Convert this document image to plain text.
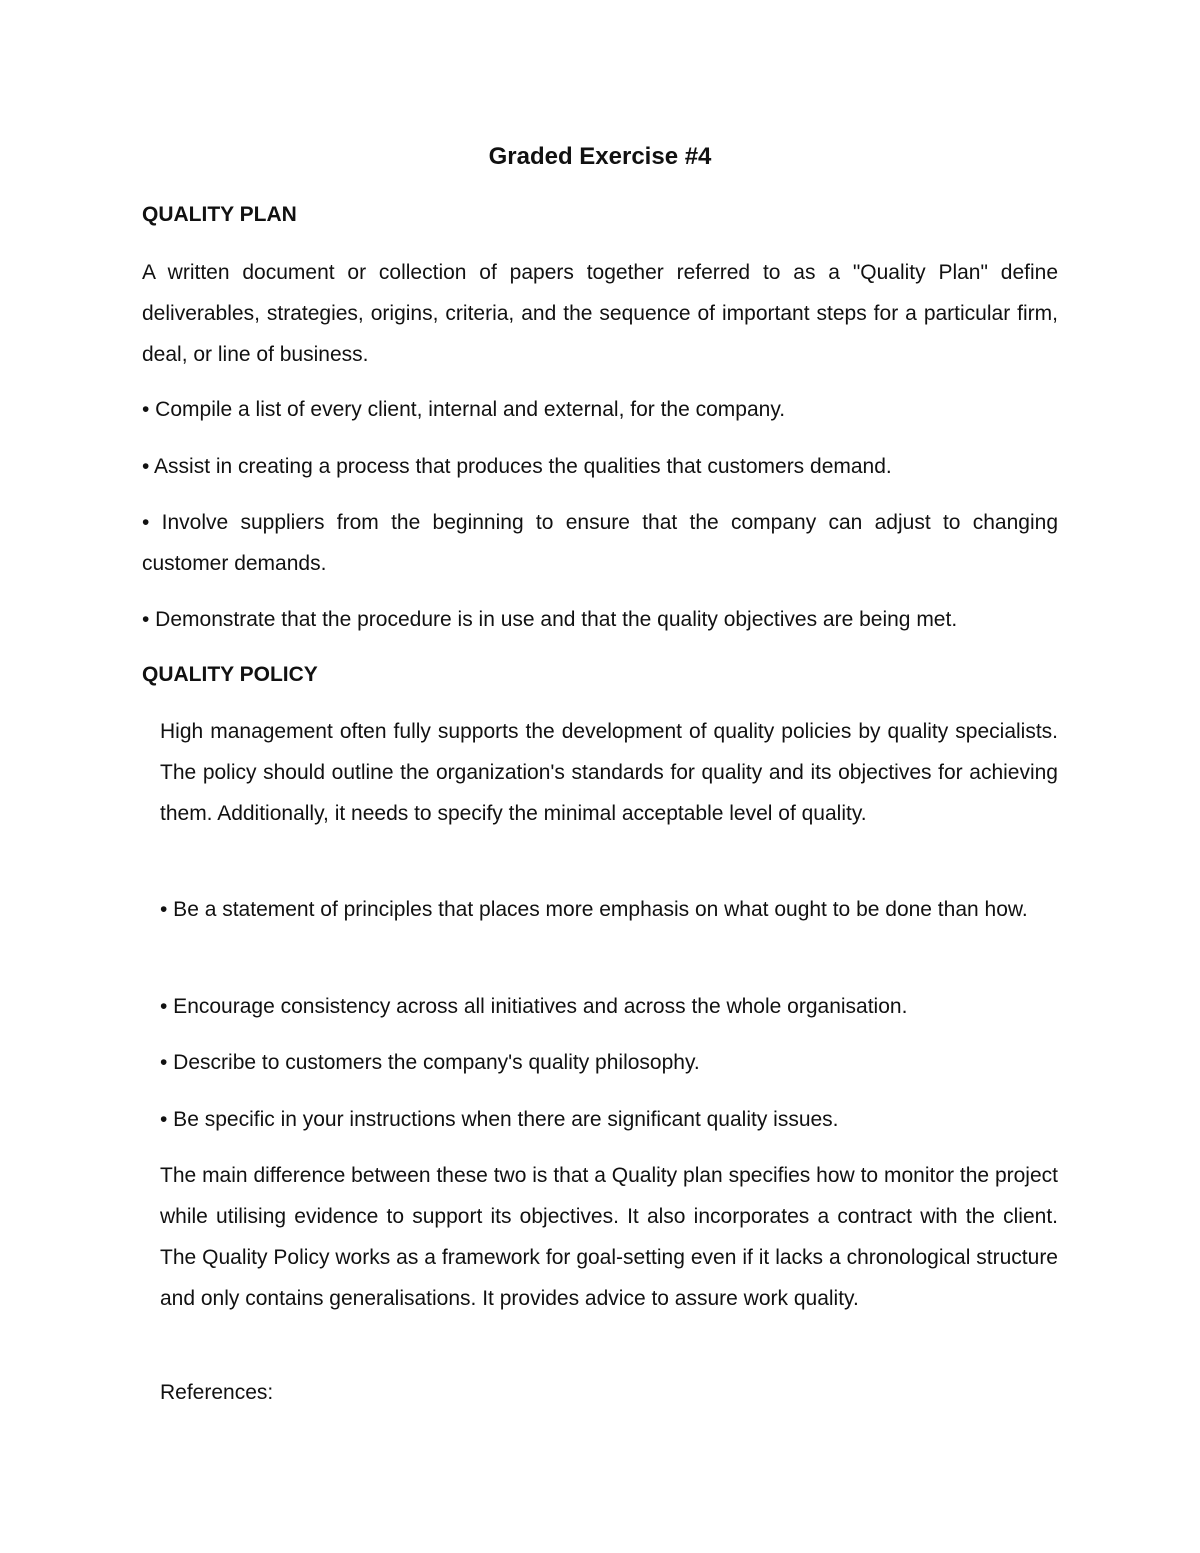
Graded Exercise #4
QUALITY PLAN
A written document or collection of papers together referred to as a "Quality Plan" define deliverables, strategies, origins, criteria, and the sequence of important steps for a particular firm, deal, or line of business.
• Compile a list of every client, internal and external, for the company.
• Assist in creating a process that produces the qualities that customers demand.
• Involve suppliers from the beginning to ensure that the company can adjust to changing customer demands.
• Demonstrate that the procedure is in use and that the quality objectives are being met.
QUALITY POLICY
High management often fully supports the development of quality policies by quality specialists. The policy should outline the organization's standards for quality and its objectives for achieving them. Additionally, it needs to specify the minimal acceptable level of quality.
• Be a statement of principles that places more emphasis on what ought to be done than how.
• Encourage consistency across all initiatives and across the whole organisation.
• Describe to customers the company's quality philosophy.
• Be specific in your instructions when there are significant quality issues.
The main difference between these two is that a Quality plan specifies how to monitor the project while utilising evidence to support its objectives. It also incorporates a contract with the client. The Quality Policy works as a framework for goal-setting even if it lacks a chronological structure and only contains generalisations. It provides advice to assure work quality.
References:
